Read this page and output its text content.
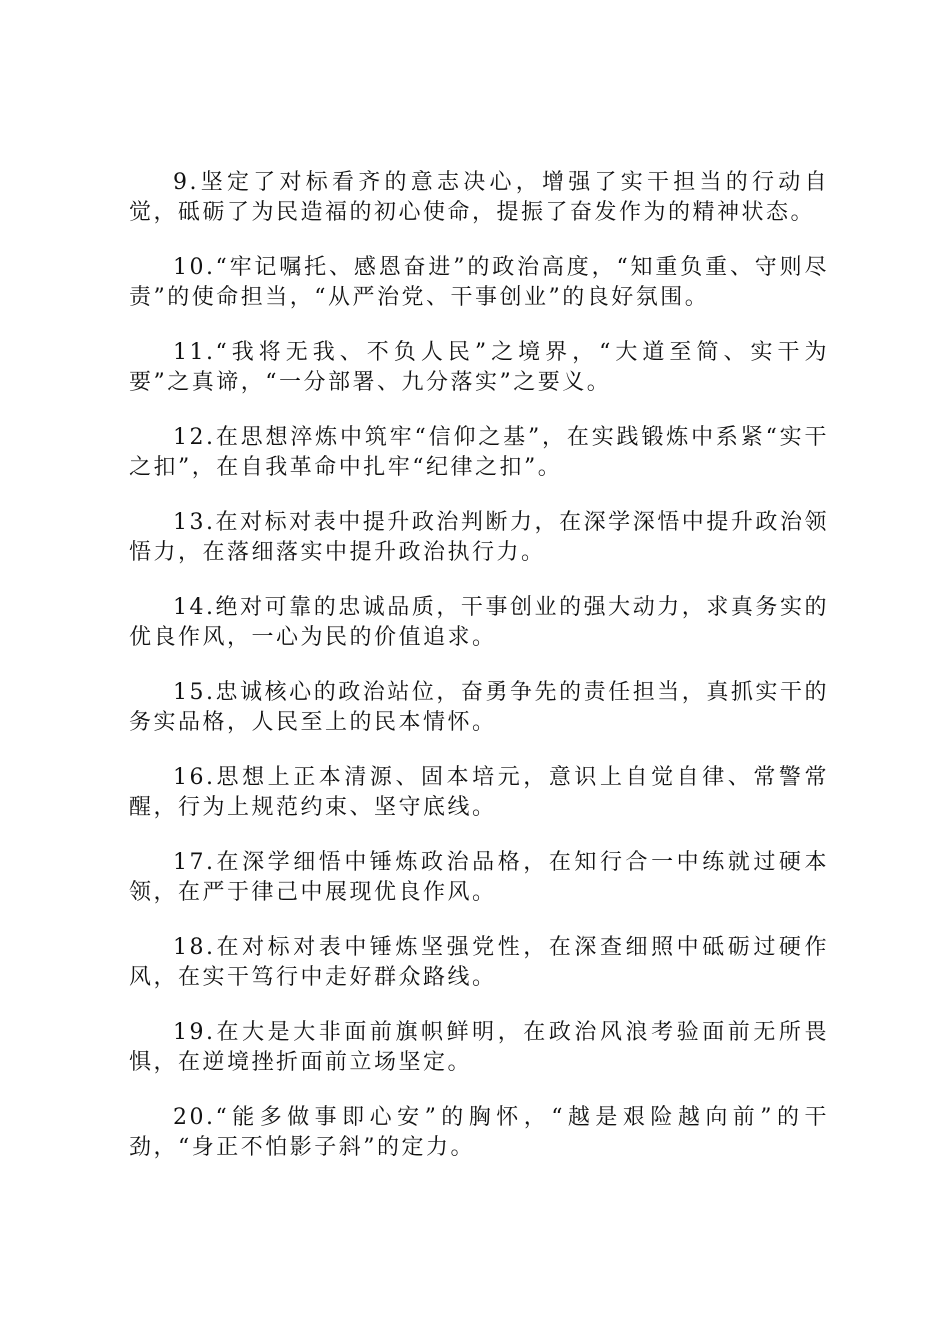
9.坚定了对标看齐的意志决心，增强了实干担当的行动自觉，砥砺了为民造福的初心使命，提振了奋发作为的精神状态。

10.“牢记嘱托、感恩奋进”的政治高度，“知重负重、守则尽责”的使命担当，“从严治党、干事创业”的良好氛围。

11.“我将无我、不负人民”之境界，“大道至简、实干为要”之真谛，“一分部署、九分落实”之要义。

12.在思想淬炼中筑牢“信仰之基”，在实践锻炼中系紧“实干之扣”，在自我革命中扎牢“纪律之扣”。

13.在对标对表中提升政治判断力，在深学深悟中提升政治领悟力，在落细落实中提升政治执行力。

14.绝对可靠的忠诚品质，干事创业的强大动力，求真务实的优良作风，一心为民的价值追求。

15.忠诚核心的政治站位，奋勇争先的责任担当，真抓实干的务实品格，人民至上的民本情怀。

16.思想上正本清源、固本培元，意识上自觉自律、常警常醒，行为上规范约束、坚守底线。

17.在深学细悟中锤炼政治品格，在知行合一中练就过硬本领，在严于律己中展现优良作风。

18.在对标对表中锤炼坚强党性，在深查细照中砥砺过硬作风，在实干笃行中走好群众路线。

19.在大是大非面前旗帜鲜明，在政治风浪考验面前无所畏惧，在逆境挫折面前立场坚定。

20.“能多做事即心安”的胸怀，“越是艰险越向前”的干劲，“身正不怕影子斜”的定力。
